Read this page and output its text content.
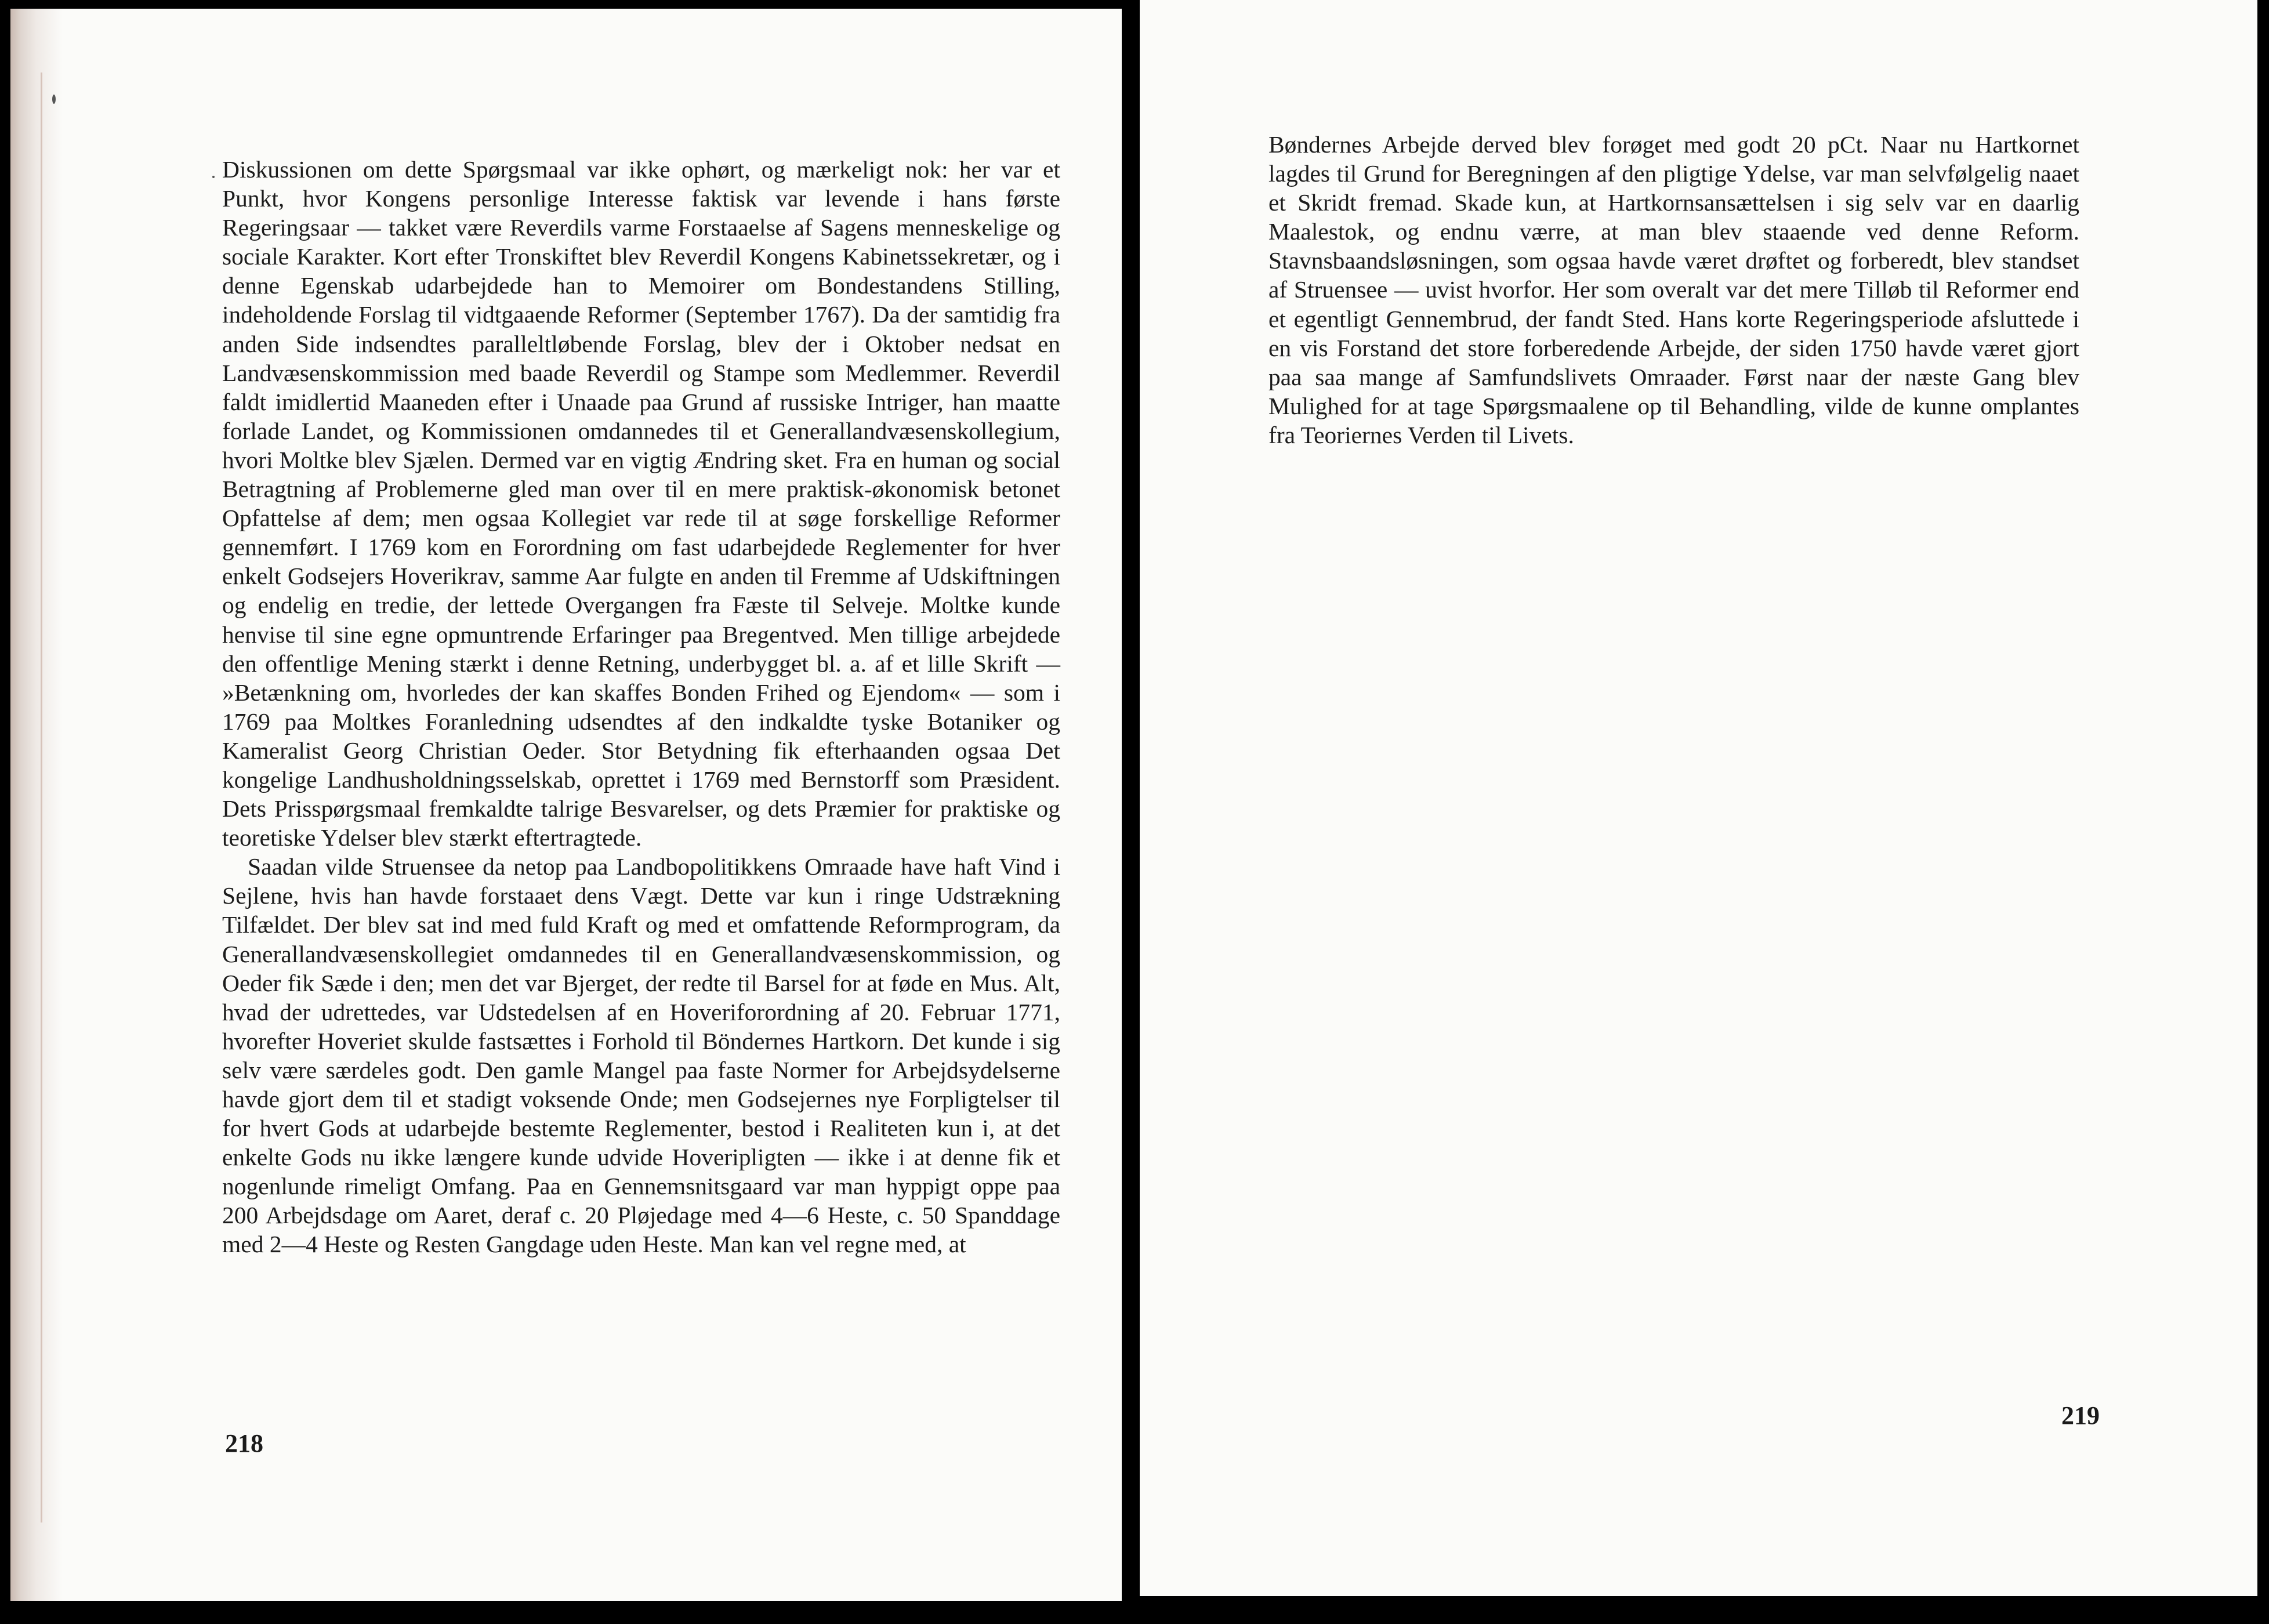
Diskussionen om dette Spørgsmaal var ikke ophørt, og mærkeligt nok: her var et Punkt, hvor Kongens personlige Interesse faktisk var levende i hans første Regeringsaar — takket være Reverdils varme Forstaaelse af Sagens menneskelige og sociale Karakter. Kort efter Tronskiftet blev Reverdil Kongens Kabinetssekretær, og i denne Egenskab udarbejdede han to Memoirer om Bondestandens Stilling, indeholdende Forslag til vidtgaaende Reformer (September 1767). Da der samtidig fra anden Side indsendtes paralleltløbende Forslag, blev der i Oktober nedsat en Landvæsenskommission med baade Reverdil og Stampe som Medlemmer. Reverdil faldt imidlertid Maaneden efter i Unaade paa Grund af russiske Intriger, han maatte forlade Landet, og Kommissionen omdannedes til et Generallandvæsenskollegium, hvori Moltke blev Sjælen. Dermed var en vigtig Ændring sket. Fra en human og social Betragtning af Problemerne gled man over til en mere praktisk-økonomisk betonet Opfattelse af dem; men ogsaa Kollegiet var rede til at søge forskellige Reformer gennemført. I 1769 kom en Forordning om fast udarbejdede Reglementer for hver enkelt Godsejers Hoverikrav, samme Aar fulgte en anden til Fremme af Udskiftningen og endelig en tredie, der lettede Overgangen fra Fæste til Selveje. Moltke kunde henvise til sine egne opmuntrende Erfaringer paa Bregentved. Men tillige arbejdede den offentlige Mening stærkt i denne Retning, underbygget bl. a. af et lille Skrift — »Betænkning om, hvorledes der kan skaffes Bonden Frihed og Ejendom« — som i 1769 paa Moltkes Foranledning udsendtes af den indkaldte tyske Botaniker og Kameralist Georg Christian Oeder. Stor Betydning fik efterhaanden ogsaa Det kongelige Landhusholdningsselskab, oprettet i 1769 med Bernstorff som Præsident. Dets Prisspørgsmaal fremkaldte talrige Besvarelser, og dets Præmier for praktiske og teoretiske Ydelser blev stærkt eftertragtede.

Saadan vilde Struensee da netop paa Landbopolitikkens Omraade have haft Vind i Sejlene, hvis han havde forstaaet dens Vægt. Dette var kun i ringe Udstrækning Tilfældet. Der blev sat ind med fuld Kraft og med et omfattende Reformprogram, da Generallandvæsenskollegiet omdannedes til en Generallandvæsenskommission, og Oeder fik Sæde i den; men det var Bjerget, der redte til Barsel for at føde en Mus. Alt, hvad der udrettedes, var Udstedelsen af en Hoveriforordning af 20. Februar 1771, hvorefter Hoveriet skulde fastsættes i Forhold til Böndernes Hartkorn. Det kunde i sig selv være særdeles godt. Den gamle Mangel paa faste Normer for Arbejdsydelserne havde gjort dem til et stadigt voksende Onde; men Godsejernes nye Forpligtelser til for hvert Gods at udarbejde bestemte Reglementer, bestod i Realiteten kun i, at det enkelte Gods nu ikke længere kunde udvide Hoveripligten — ikke i at denne fik et nogenlunde rimeligt Omfang. Paa en Gennemsnitsgaard var man hyppigt oppe paa 200 Arbejdsdage om Aaret, deraf c. 20 Pløjedage med 4—6 Heste, c. 50 Spanddage med 2—4 Heste og Resten Gangdage uden Heste. Man kan vel regne med, at

218

Bøndernes Arbejde derved blev forøget med godt 20 pCt. Naar nu Hartkornet lagdes til Grund for Beregningen af den pligtige Ydelse, var man selvfølgelig naaet et Skridt fremad. Skade kun, at Hartkornsansættelsen i sig selv var en daarlig Maalestok, og endnu værre, at man blev staaende ved denne Reform. Stavnsbaandsløsningen, som ogsaa havde været drøftet og forberedt, blev standset af Struensee — uvist hvorfor. Her som overalt var det mere Tilløb til Reformer end et egentligt Gennembrud, der fandt Sted. Hans korte Regeringsperiode afsluttede i en vis Forstand det store forberedende Arbejde, der siden 1750 havde været gjort paa saa mange af Samfundslivets Omraader. Først naar der næste Gang blev Mulighed for at tage Spørgsmaalene op til Behandling, vilde de kunne omplantes fra Teoriernes Verden til Livets.

219
